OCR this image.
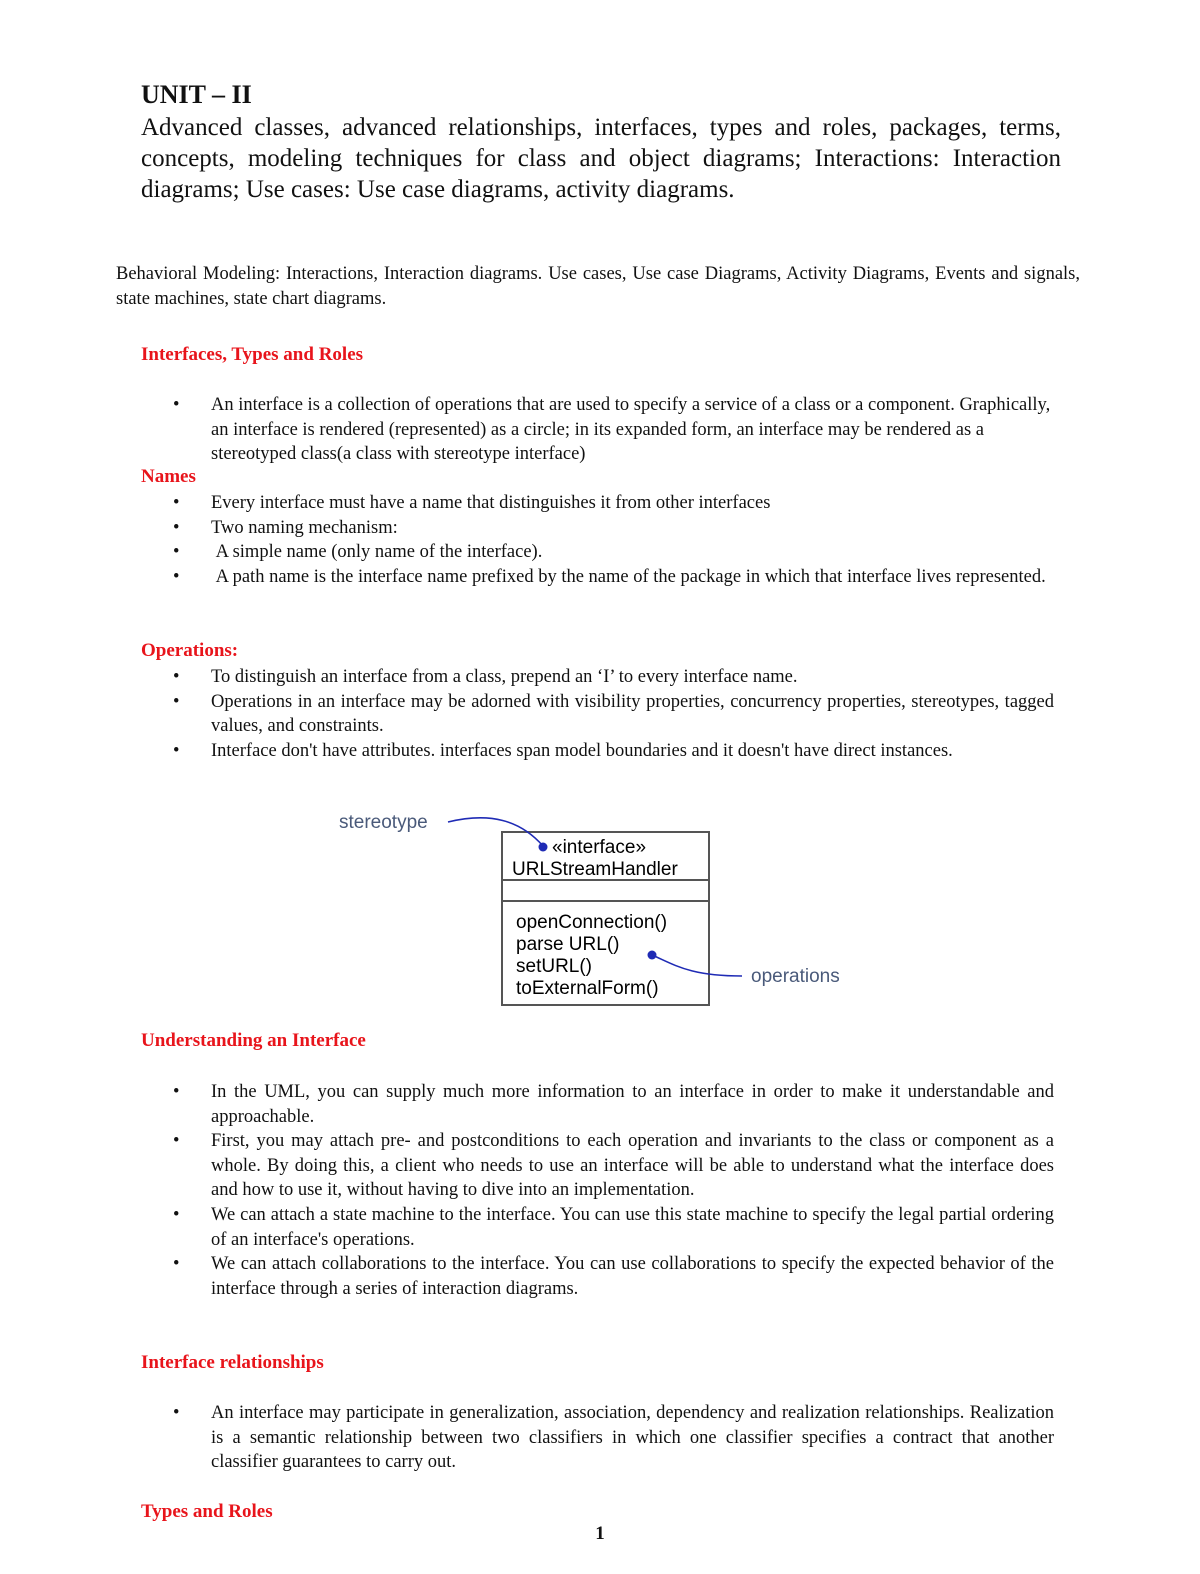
UNIT – II
Advanced classes, advanced relationships, interfaces, types and roles, packages, terms, concepts, modeling techniques for class and object diagrams; Interactions: Interaction diagrams; Use cases: Use case diagrams, activity diagrams.
Behavioral Modeling: Interactions, Interaction diagrams. Use cases, Use case Diagrams, Activity Diagrams, Events and signals, state machines, state chart diagrams.
Interfaces, Types and Roles
• An interface is a collection of operations that are used to specify a service of a class or a component. Graphically, an interface is rendered (represented) as a circle; in its expanded form, an interface may be rendered as a stereotyped class(a class with stereotype interface)
Names
• Every interface must have a name that distinguishes it from other interfaces
• Two naming mechanism:
• A simple name (only name of the interface).
• A path name is the interface name prefixed by the name of the package in which that interface lives represented.
Operations:
• To distinguish an interface from a class, prepend an ‘I’ to every interface name.
• Operations in an interface may be adorned with visibility properties, concurrency properties, stereotypes, tagged values, and constraints.
• Interface don't have attributes. interfaces span model boundaries and it doesn't have direct instances.
stereotype
«interface»
URLStreamHandler
openConnection()
parse URL()
setURL()
toExternalForm()
operations
Understanding an Interface
• In the UML, you can supply much more information to an interface in order to make it understandable and approachable.
• First, you may attach pre- and postconditions to each operation and invariants to the class or component as a whole. By doing this, a client who needs to use an interface will be able to understand what the interface does and how to use it, without having to dive into an implementation.
• We can attach a state machine to the interface. You can use this state machine to specify the legal partial ordering of an interface's operations.
• We can attach collaborations to the interface. You can use collaborations to specify the expected behavior of the interface through a series of interaction diagrams.
Interface relationships
• An interface may participate in generalization, association, dependency and realization relationships. Realization is a semantic relationship between two classifiers in which one classifier specifies a contract that another classifier guarantees to carry out.
Types and Roles
1
